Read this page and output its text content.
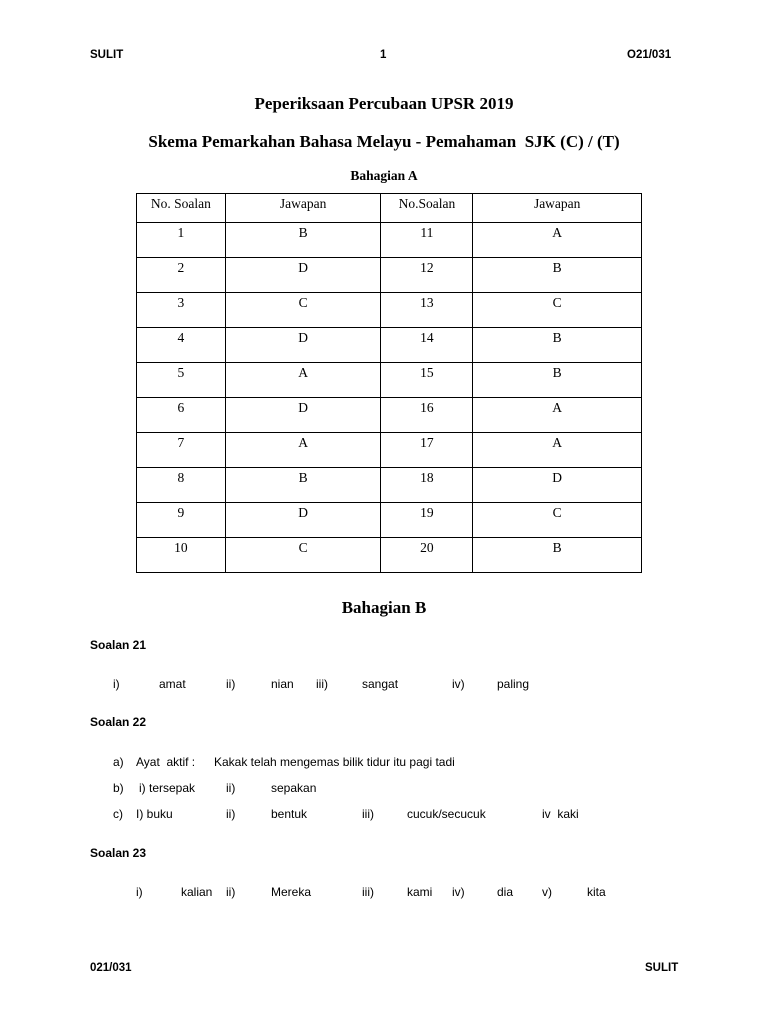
SULIT	1	O21/031
Peperiksaan Percubaan UPSR 2019
Skema Pemarkahan Bahasa Melayu - Pemahaman  SJK (C) / (T)
Bahagian A
No. Soalan	Jawapan	No.Soalan	Jawapan
1	B	11	A
2	D	12	B
3	C	13	C
4	D	14	B
5	A	15	B
6	D	16	A
7	A	17	A
8	B	18	D
9	D	19	C
10	C	20	B
Bahagian B
Soalan 21
i)	amat	ii)	nian iii)	sangat	iv)	paling
Soalan 22
a) Ayat  aktif : Kakak telah mengemas bilik tidur itu pagi tadi
b) i) tersepak	ii)	sepakan
c) I) buku	ii)	bentuk	iii)	cucuk/secucuk	iv  kaki
Soalan 23
i)	kalian ii)	Mereka	iii)	kami iv)	dia v)	kita
021/031	SULIT
